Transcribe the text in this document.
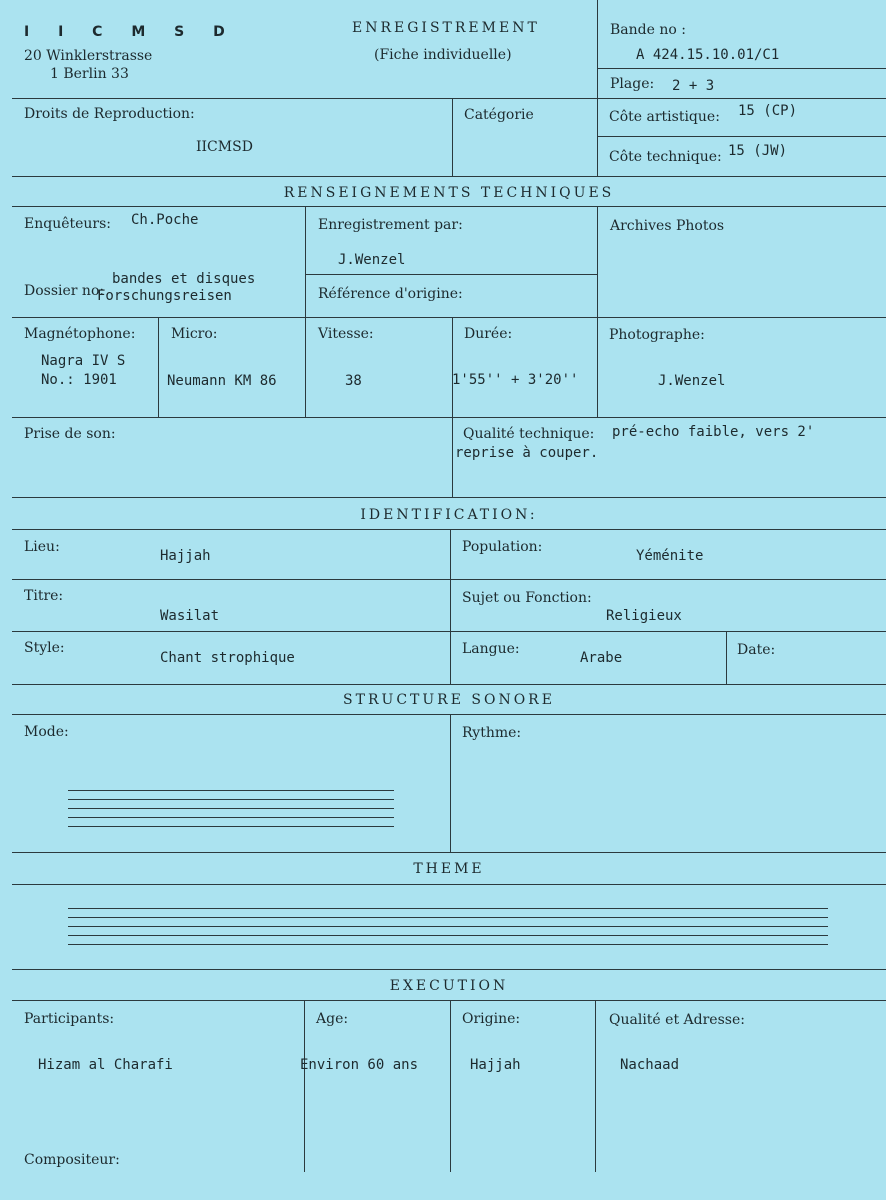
I I C M S D
20 Winklerstrasse
1 Berlin 33
ENREGISTREMENT
(Fiche individuelle)
Bande no :
A 424.15.10.01/C1
Plage: 2 + 3
Droits de Reproduction:
IICMSD
Catégorie	Côte artistique: 15 (CP)
Côte technique: 15 (JW)
RENSEIGNEMENTS TECHNIQUES
Enquêteurs: Ch.Poche	Enregistrement par:
J.Wenzel
Archives Photos
Dossier no:
bandes et disques
Forschungsreisen	Référence d'origine:
Magnétophone:
Nagra IV S
No.: 1901
Micro:
Neumann KM 86
Vitesse:
38
Durée:
1'55'' + 3'20''
Photographe:
J.Wenzel
Prise de son:	Qualité technique: pré-echo faible, vers 2'
reprise à couper.
IDENTIFICATION:
Lieu:
Hajjah
Population:
Yéménite
Titre:
Wasilat
Sujet ou Fonction:
Religieux
Style:
Chant strophique
Langue:
Arabe	Date:
STRUCTURE SONORE
Mode:	Rythme:
THEME
EXECUTION
Participants:
Hizam al Charafi
Age:
Environ 60 ans
Origine:
Hajjah
Qualité et Adresse:
Nachaad
Compositeur:
